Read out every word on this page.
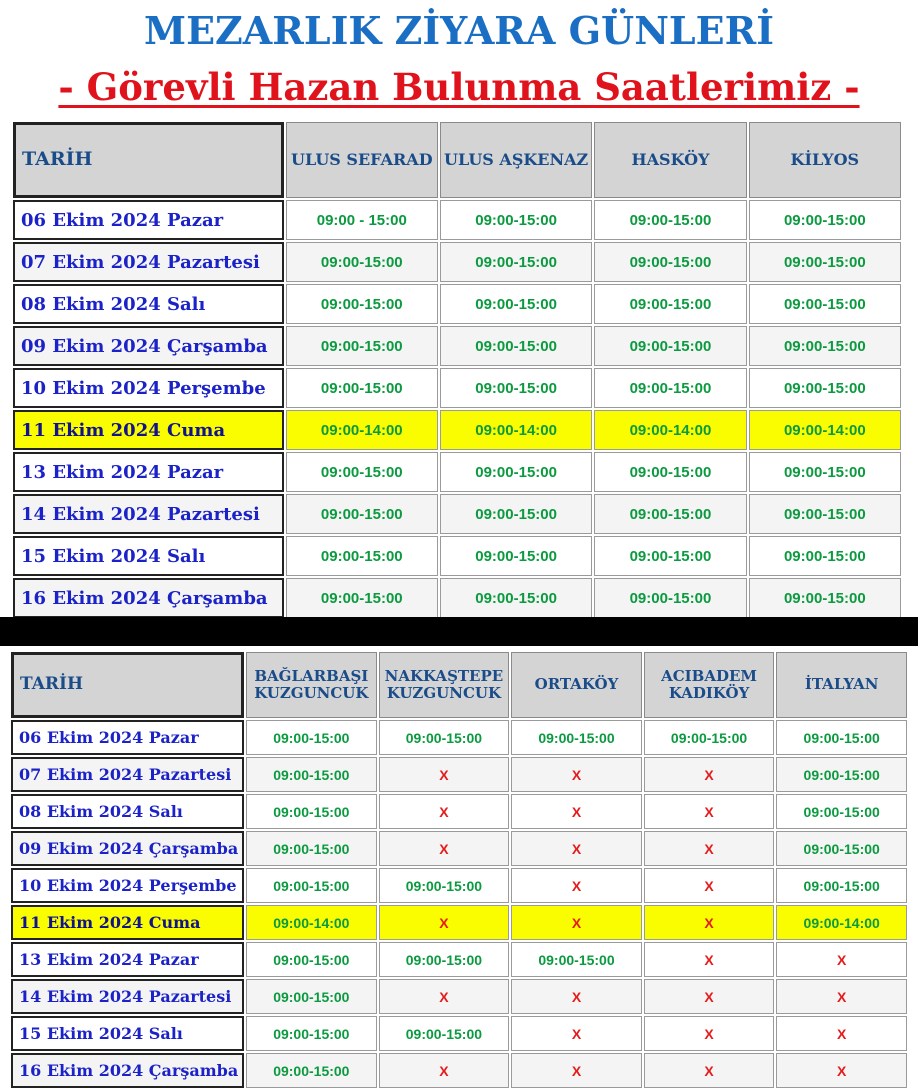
MEZARLIK ZİYARA GÜNLERİ
- Görevli Hazan Bulunma Saatlerimiz -
TARİH	ULUS SEFARAD	ULUS AŞKENAZ	HASKÖY	KİLYOS
06 Ekim 2024 Pazar	09:00 - 15:00	09:00-15:00	09:00-15:00	09:00-15:00
07 Ekim 2024 Pazartesi	09:00-15:00	09:00-15:00	09:00-15:00	09:00-15:00
08 Ekim 2024 Salı	09:00-15:00	09:00-15:00	09:00-15:00	09:00-15:00
09 Ekim 2024 Çarşamba	09:00-15:00	09:00-15:00	09:00-15:00	09:00-15:00
10 Ekim 2024 Perşembe	09:00-15:00	09:00-15:00	09:00-15:00	09:00-15:00
11 Ekim 2024 Cuma	09:00-14:00	09:00-14:00	09:00-14:00	09:00-14:00
13 Ekim 2024 Pazar	09:00-15:00	09:00-15:00	09:00-15:00	09:00-15:00
14 Ekim 2024 Pazartesi	09:00-15:00	09:00-15:00	09:00-15:00	09:00-15:00
15 Ekim 2024 Salı	09:00-15:00	09:00-15:00	09:00-15:00	09:00-15:00
16 Ekim 2024 Çarşamba	09:00-15:00	09:00-15:00	09:00-15:00	09:00-15:00
TARİH	BAĞLARBAŞI KUZGUNCUK	NAKKAŞTEPE KUZGUNCUK	ORTAKÖY	ACIBADEM KADIKÖY	İTALYAN
06 Ekim 2024 Pazar	09:00-15:00	09:00-15:00	09:00-15:00	09:00-15:00	09:00-15:00
07 Ekim 2024 Pazartesi	09:00-15:00	X	X	X	09:00-15:00
08 Ekim 2024 Salı	09:00-15:00	X	X	X	09:00-15:00
09 Ekim 2024 Çarşamba	09:00-15:00	X	X	X	09:00-15:00
10 Ekim 2024 Perşembe	09:00-15:00	09:00-15:00	X	X	09:00-15:00
11 Ekim 2024 Cuma	09:00-14:00	X	X	X	09:00-14:00
13 Ekim 2024 Pazar	09:00-15:00	09:00-15:00	09:00-15:00	X	X
14 Ekim 2024 Pazartesi	09:00-15:00	X	X	X	X
15 Ekim 2024 Salı	09:00-15:00	09:00-15:00	X	X	X
16 Ekim 2024 Çarşamba	09:00-15:00	X	X	X	X
